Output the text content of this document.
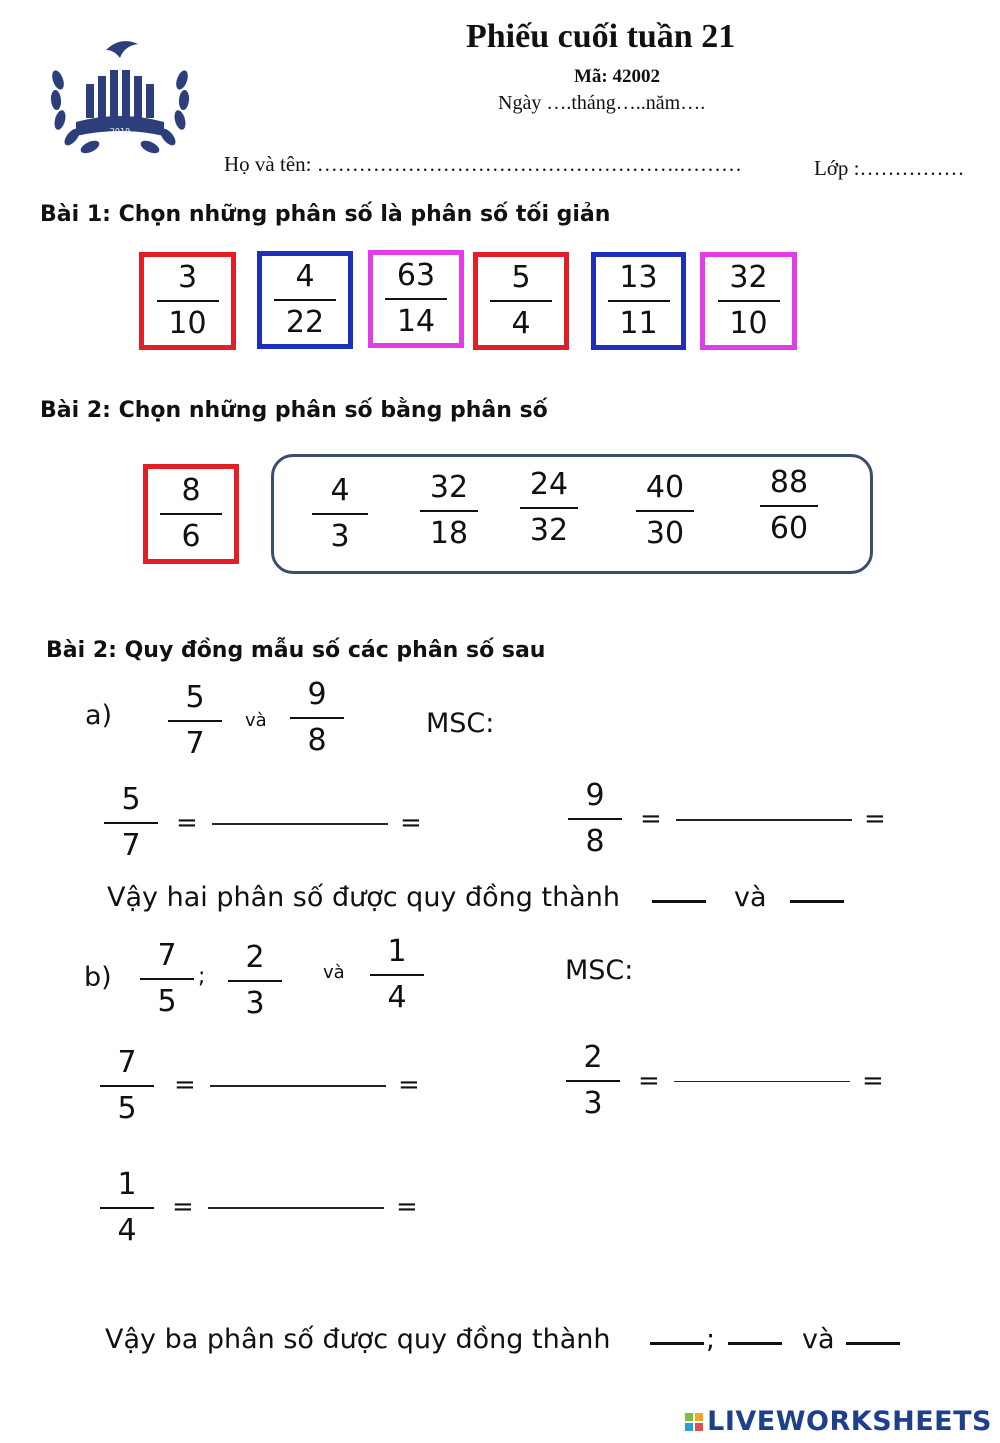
2019
Phiếu cuối tuần 21
Mã: 42002
Ngày ….tháng…..năm….
Họ và tên: …………………………………………….………	Lớp :……………
Bài 1: Chọn những phân số là phân số tối giản
$\frac{3}{10} \frac{4}{22} \frac{63}{14} \frac{5}{4} \frac{13}{11} \frac{32}{10}$
Bài 2: Chọn những phân số bằng phân số
$\frac{8}{6}$	4
3
32
18
24
32
40
30
88
60
Bài 2: Quy đồng mẫu số các phân số sau
a)
5
7
và
9
8	MSC:
5
7
=	=
9
8
=	=
Vậy hai phân số được quy đồng thành	và
b)
7
5
;
2
3
và
1
4
MSC:
7
5
=	=
2
3
=	=
1
4
=	=
Vậy ba phân số được quy đồng thành	;	và
LIVEWORKSHEETS
